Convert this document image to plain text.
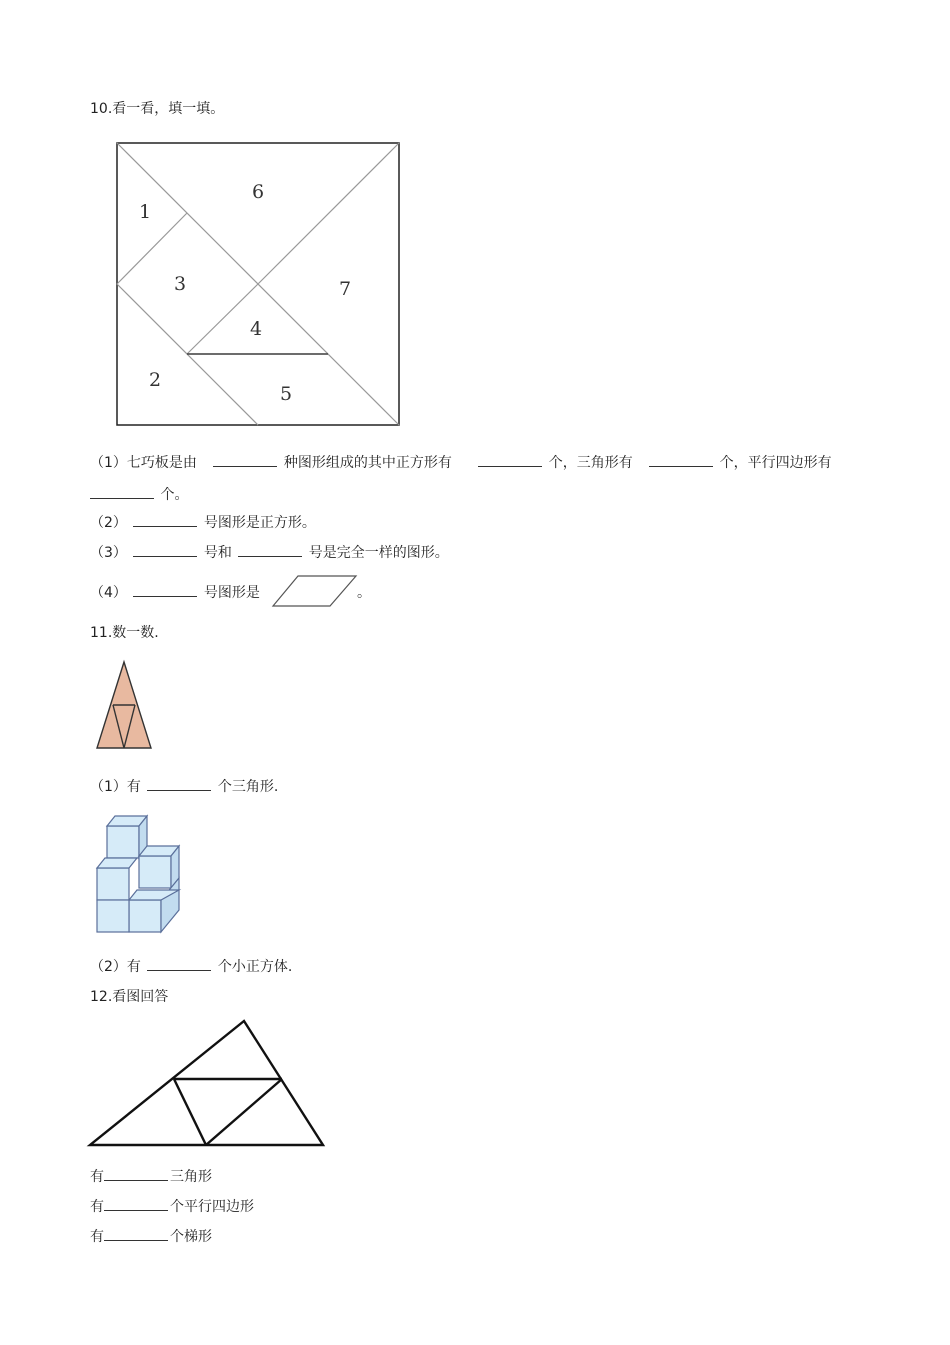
10.看一看，填一填。
1
2
3
4
5
6
7
（1）七巧板是由	种图形组成的其中正方形有	个，三角形有	个，平行四边形有
个。
（2）	号图形是正方形。
（3）	号和	号是完全一样的图形。
（4）	号图形是	。
11.数一数.
（1）有	个三角形.
（2）有	个小正方体.
12.看图回答
有	三角形
有	个平行四边形
有	个梯形
